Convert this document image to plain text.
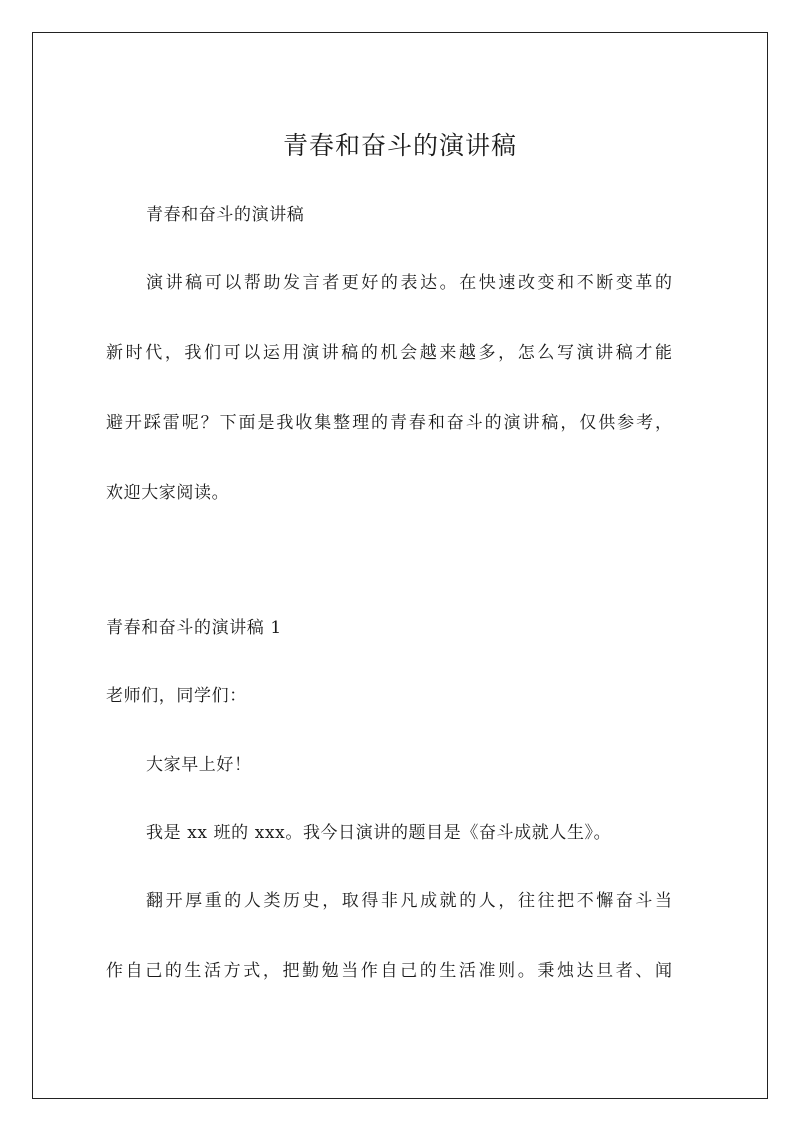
青春和奋斗的演讲稿
青春和奋斗的演讲稿
演讲稿可以帮助发言者更好的表达。在快速改变和不断变革的
新时代，我们可以运用演讲稿的机会越来越多，怎么写演讲稿才能
避开踩雷呢？下面是我收集整理的青春和奋斗的演讲稿，仅供参考，
欢迎大家阅读。
青春和奋斗的演讲稿 1
老师们，同学们：
大家早上好！
我是 xx 班的 xxx。我今日演讲的题目是《奋斗成就人生》。
翻开厚重的人类历史，取得非凡成就的人，往往把不懈奋斗当
作自己的生活方式，把勤勉当作自己的生活准则。秉烛达旦者、闻
